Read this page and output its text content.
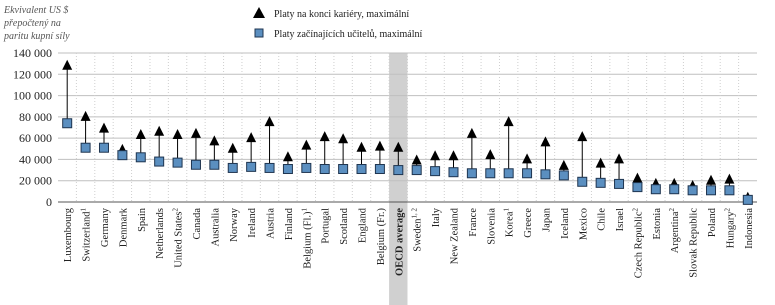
Ekvivalent US $
přepočtený na
paritu kupní síly
Platy na konci kariéry, maximální
Platy začínajících učitelů, maximální
0
20 000
40 000
60 000
80 000
100 000
120 000
140 000
Luxembourg Switzerland$^1$	Germany Denmark Spain Netherlands United States$^2$	Canada Australia Norway Ireland Austria Finland Belgium $(Fl.)^1$	Portugal Scotland England Belgium (Fr.) OECD average Sweden$^{1, 2}$	Italy New Zealand France Slovenia Korea$^1$	Greece Japan Iceland Mexico Chile Israel Czech Republic$^2$	Estonia Argentina$^2$	Slovak Republic Poland Hungary$^2$	Indonesia
